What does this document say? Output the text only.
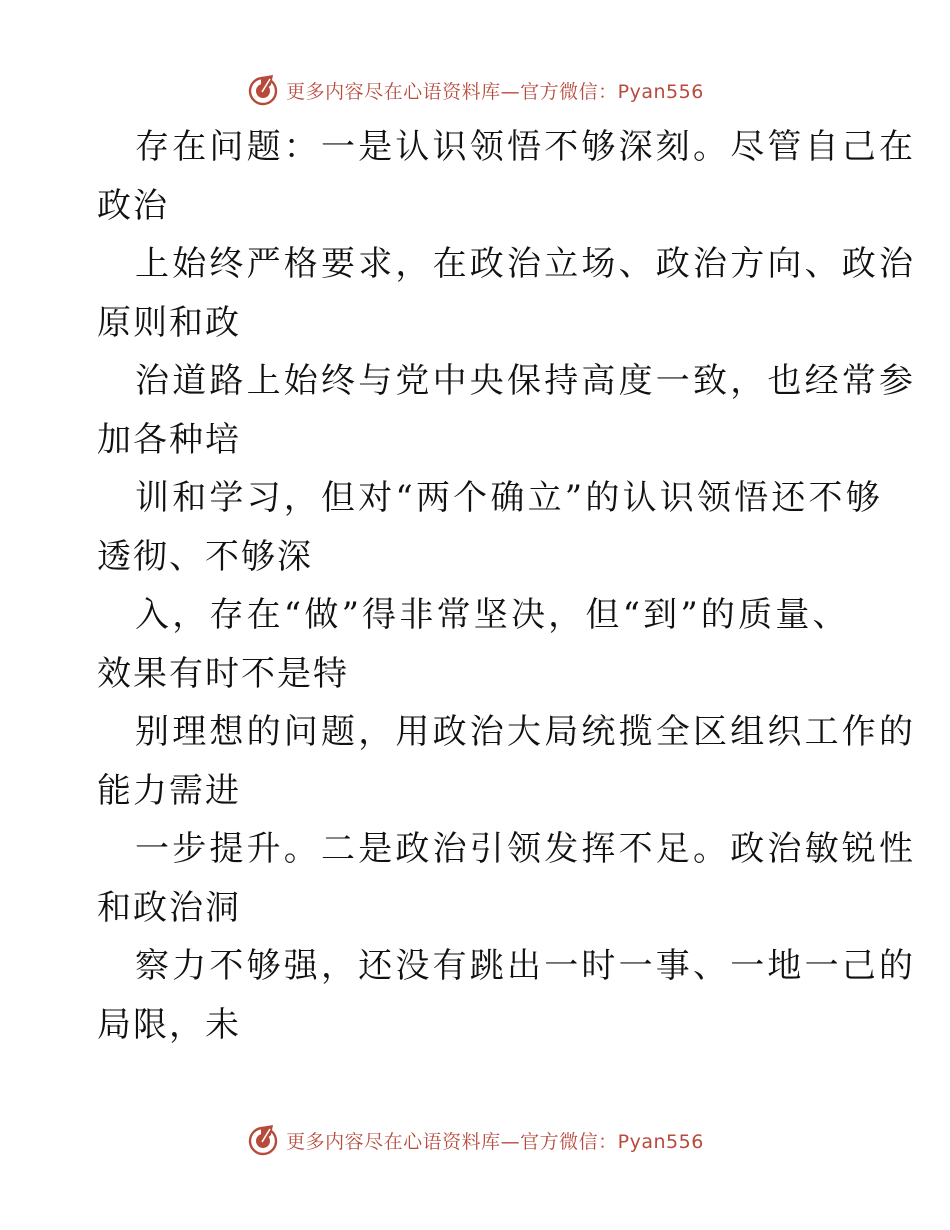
更多内容尽在心语资料库—官方微信：Pyan556
存在问题：一是认识领悟不够深刻。尽管自己在
政治
上始终严格要求，在政治立场、政治方向、政治
原则和政
治道路上始终与党中央保持高度一致，也经常参
加各种培
训和学习，但对“两个确立”的认识领悟还不够
透彻、不够深
入，存在“做”得非常坚决，但“到”的质量、
效果有时不是特
别理想的问题，用政治大局统揽全区组织工作的
能力需进
一步提升。二是政治引领发挥不足。政治敏锐性
和政治洞
察力不够强，还没有跳出一时一事、一地一己的
局限，未
更多内容尽在心语资料库—官方微信：Pyan556
